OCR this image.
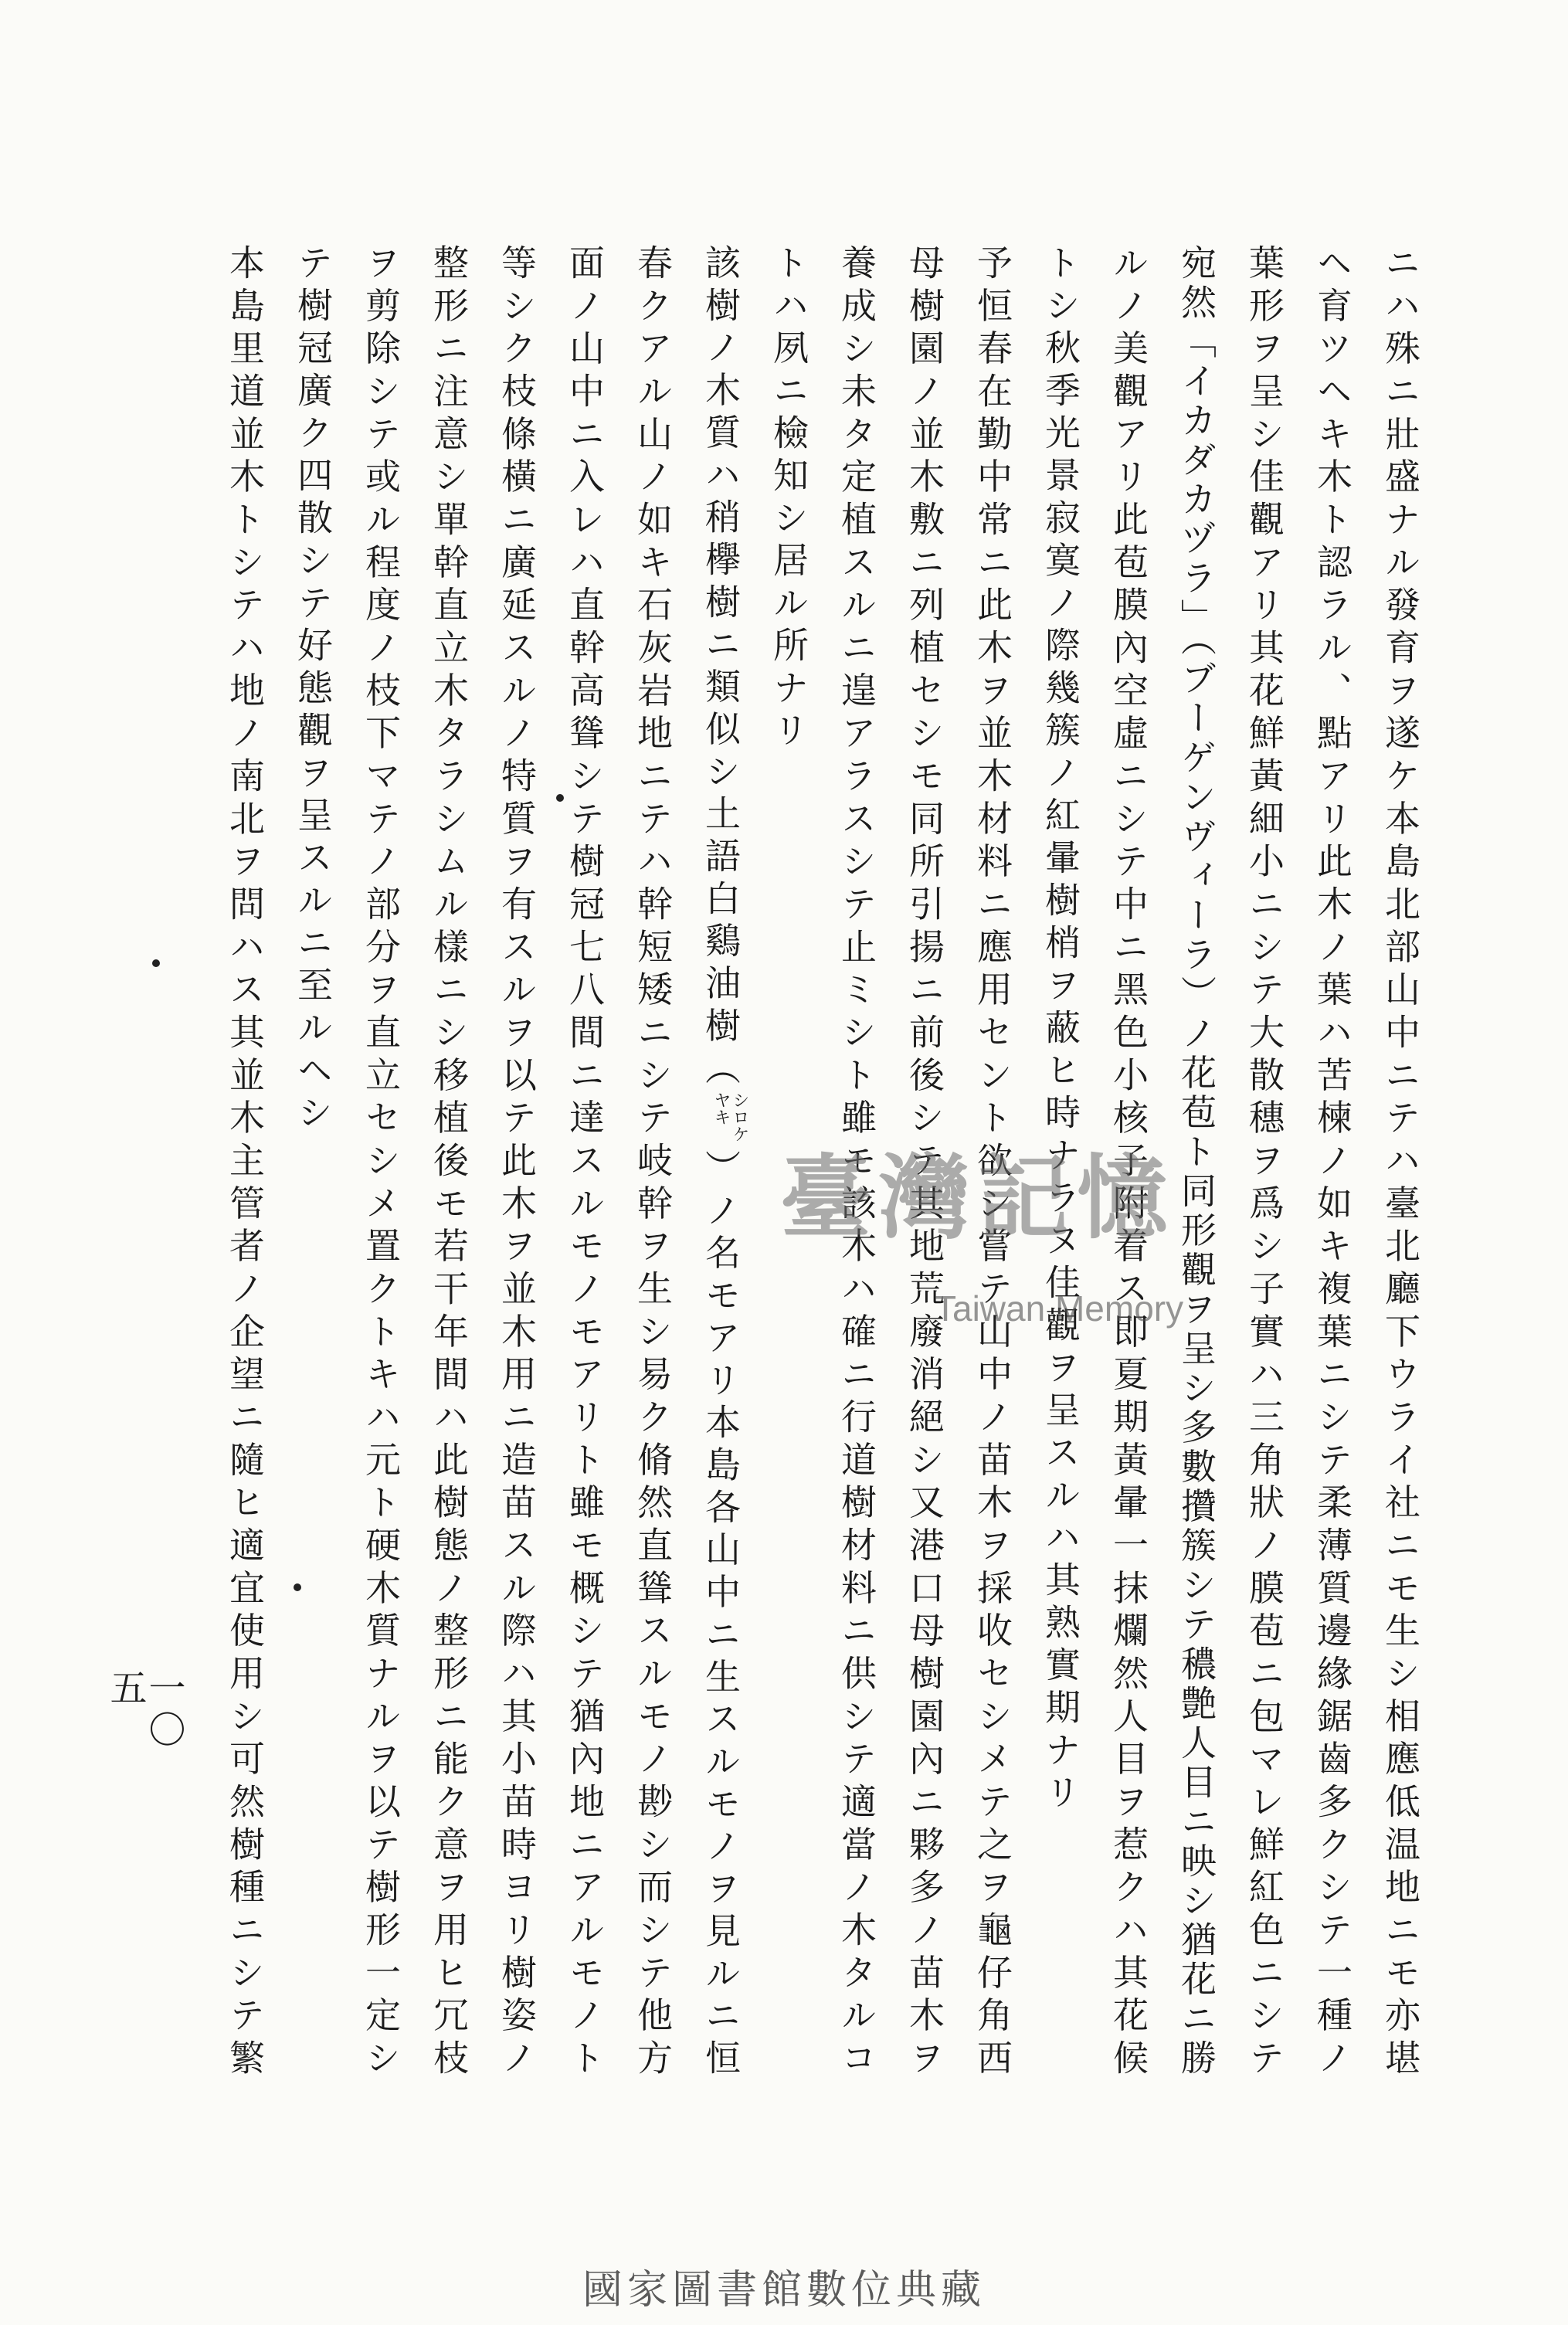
ニハ殊ニ壯盛ナル發育ヲ遂ケ本島北部山中ニテハ臺北廳下ウライ社ニモ生シ相應低温地ニモ亦堪
ヘ育ツヘキ木ト認ラル、點アリ此木ノ葉ハ苦楝ノ如キ複葉ニシテ柔薄質邊緣鋸齒多クシテ一種ノ
葉形ヲ呈シ佳觀アリ其花鮮黃細小ニシテ大散穗ヲ爲シ子實ハ三角狀ノ膜苞ニ包マレ鮮紅色ニシテ
宛然「イカダカヅラ」（ブーゲンヴィーラ）ノ花苞ト同形觀ヲ呈シ多數攢簇シテ穠艶人目ニ映シ猶花ニ勝
ルノ美觀アリ此苞膜內空虛ニシテ中ニ黑色小核子附着ス即夏期黃暈一抹爛然人目ヲ惹クハ其花候
トシ秋季光景寂寞ノ際幾簇ノ紅暈樹梢ヲ蔽ヒ時ナラヌ佳觀ヲ呈スルハ其熟實期ナリ
予恒春在勤中常ニ此木ヲ並木材料ニ應用セント欲シ嘗テ山中ノ苗木ヲ採收セシメテ之ヲ龜仔角西
母樹園ノ並木敷ニ列植セシモ同所引揚ニ前後シテ其地荒廢消絕シ又港口母樹園內ニ夥多ノ苗木ヲ
養成シ未タ定植スルニ遑アラスシテ止ミシト雖モ該木ハ確ニ行道樹材料ニ供シテ適當ノ木タルコ
トハ夙ニ檢知シ居ル所ナリ
該樹ノ木質ハ稍欅樹ニ類似シ土語白鷄油樹（
シロケ
ヤキ
）ノ名モアリ本島各山中ニ生スルモノヲ見ルニ恒
春クアル山ノ如キ石灰岩地ニテハ幹短矮ニシテ岐幹ヲ生シ易ク脩然直聳スルモノ尠シ而シテ他方
面ノ山中ニ入レハ直幹高聳シテ樹冠七八間ニ達スルモノモアリト雖モ概シテ猶內地ニアルモノト
等シク枝條橫ニ廣延スルノ特質ヲ有スルヲ以テ此木ヲ並木用ニ造苗スル際ハ其小苗時ヨリ樹姿ノ
整形ニ注意シ單幹直立木タラシムル樣ニシ移植後モ若干年間ハ此樹態ノ整形ニ能ク意ヲ用ヒ冗枝
ヲ剪除シテ或ル程度ノ枝下マテノ部分ヲ直立セシメ置クトキハ元ト硬木質ナルヲ以テ樹形一定シ
テ樹冠廣ク四散シテ好態觀ヲ呈スルニ至ルヘシ
本島里道並木トシテハ地ノ南北ヲ問ハス其並木主管者ノ企望ニ隨ヒ適宜使用シ可然樹種ニシテ繁
一〇五
臺灣記憶
Taiwan Memory
國家圖書館數位典藏
